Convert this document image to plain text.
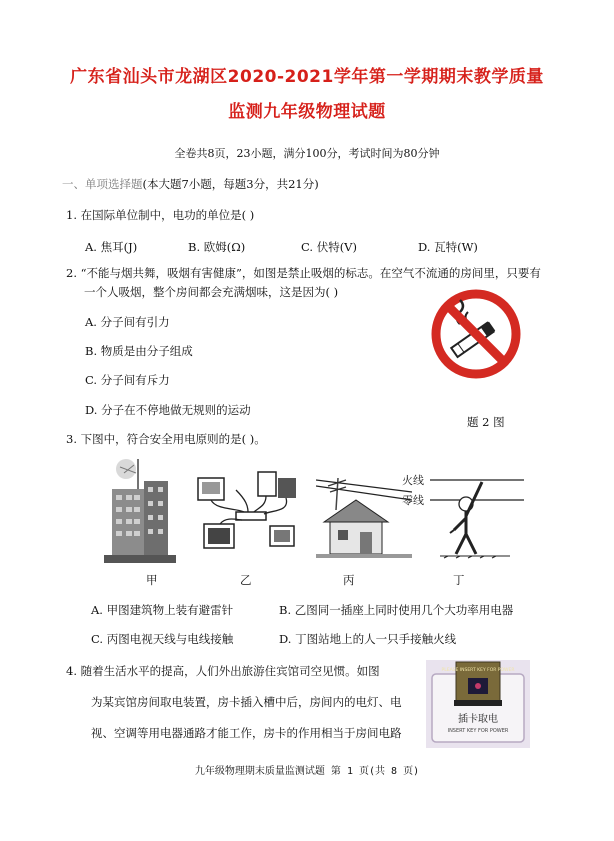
广东省汕头市龙湖区2020-2021学年第一学期期末教学质量
监测九年级物理试题
全卷共8页，23小题，满分100分，考试时间为80分钟
一、单项选择题(本大题7小题，每题3分，共21分)
1. 在国际单位制中，电功的单位是( )
A. 焦耳(J)	B. 欧姆(Ω)	C. 伏特(V)	D. 瓦特(W)
2. “不能与烟共舞，吸烟有害健康”，如图是禁止吸烟的标志。在空气不流通的房间里，只要有
一个人吸烟，整个房间都会充满烟味，这是因为( )
A. 分子间有引力
B. 物质是由分子组成
C. 分子间有斥力
D. 分子在不停地做无规则的运动
题 2 图
3. 下图中，符合安全用电原则的是( )。
火线
零线
甲	乙	丙	丁
A. 甲图建筑物上装有避雷针	B. 乙图同一插座上同时使用几个大功率用电器
C. 丙图电视天线与电线接触	D. 丁图站地上的人一只手接触火线
4. 随着生活水平的提高，人们外出旅游住宾馆司空见惯。如图
为某宾馆房间取电装置，房卡插入槽中后，房间内的电灯、电
视、空调等用电器通路才能工作，房卡的作用相当于房间电路
PLEASE INSERT KEY FOR POWER
插卡取电
INSERT KEY FOR POWER
九年级物理期末质量监测试题 第 1 页(共 8 页)
